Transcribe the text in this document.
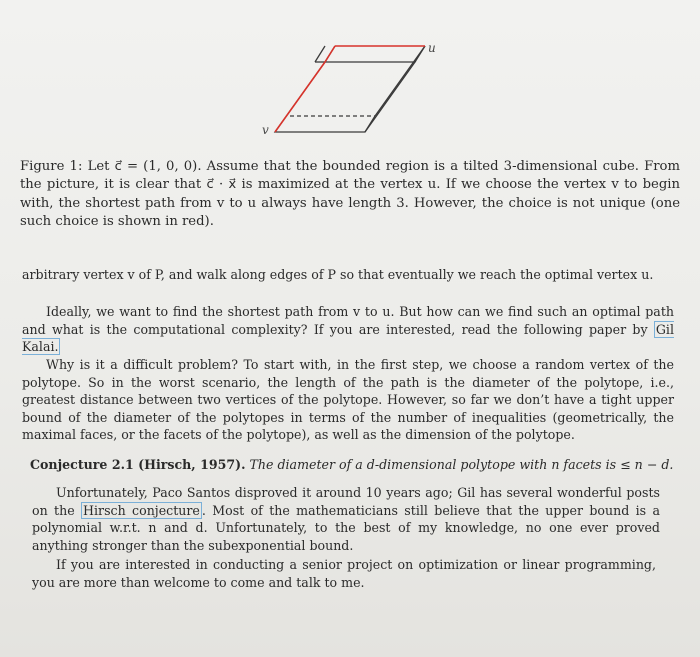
u
v
Figure 1: Let c⃗ = (1, 0, 0). Assume that the bounded region is a tilted 3-dimensional cube. From the picture, it is clear that c⃗ · x⃗ is maximized at the vertex u. If we choose the vertex v to begin with, the shortest path from v to u always have length 3. However, the choice is not unique (one such choice is shown in red).
arbitrary vertex v of P, and walk along edges of P so that eventually we reach the optimal vertex u.
Ideally, we want to find the shortest path from v to u. But how can we find such an optimal path and what is the computational complexity? If you are interested, read the following paper by Gil Kalai.
Why is it a difficult problem? To start with, in the first step, we choose a random vertex of the polytope. So in the worst scenario, the length of the path is the diameter of the polytope, i.e., greatest distance between two vertices of the polytope. However, so far we don’t have a tight upper bound of the diameter of the polytopes in terms of the number of inequalities (geometrically, the maximal faces, or the facets of the polytope), as well as the dimension of the polytope.
Conjecture 2.1 (Hirsch, 1957). The diameter of a d-dimensional polytope with n facets is ≤ n − d.
Unfortunately, Paco Santos disproved it around 10 years ago; Gil has several wonderful posts on the Hirsch conjecture . Most of the mathematicians still believe that the upper bound is a polynomial w.r.t. n and d. Unfortunately, to the best of my knowledge, no one ever proved anything stronger than the subexponential bound.
If you are interested in conducting a senior project on optimization or linear programming, you are more than welcome to come and talk to me.
